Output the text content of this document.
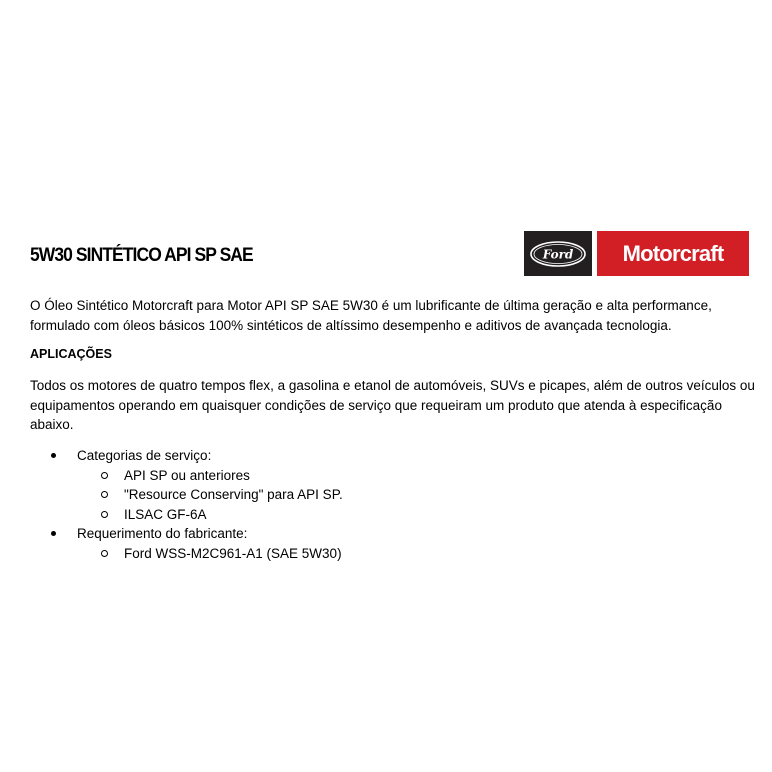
5W30 SINTÉTICO API SP SAE	Ford Motorcraft
O Óleo Sintético Motorcraft para Motor API SP SAE 5W30 é um lubrificante de última geração e alta performance,
formulado com óleos básicos 100% sintéticos de altíssimo desempenho e aditivos de avançada tecnologia.
APLICAÇÕES
Todos os motores de quatro tempos flex, a gasolina e etanol de automóveis, SUVs e picapes, além de outros veículos ou
equipamentos operando em quaisquer condições de serviço que requeiram um produto que atenda à especificação
abaixo.
Categorias de serviço:
API SP ou anteriores
"Resource Conserving" para API SP.
ILSAC GF-6A
Requerimento do fabricante:
Ford WSS-M2C961-A1 (SAE 5W30)
